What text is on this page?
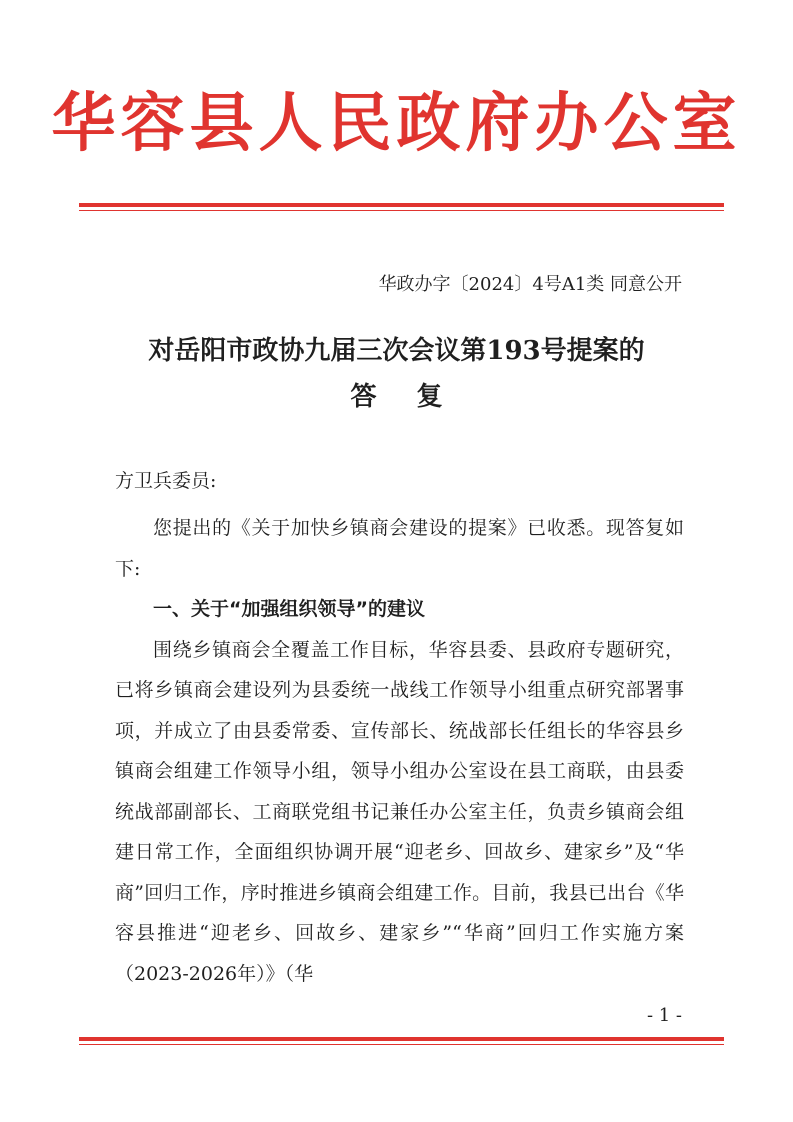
华容县人民政府办公室
华政办字〔2024〕4号A1类 同意公开
对岳阳市政协九届三次会议第193号提案的
答复
方卫兵委员:

您提出的《关于加快乡镇商会建设的提案》已收悉。现答复如下:

一、关于“加强组织领导”的建议

围绕乡镇商会全覆盖工作目标，华容县委、县政府专题研究，已将乡镇商会建设列为县委统一战线工作领导小组重点研究部署事项，并成立了由县委常委、宣传部长、统战部长任组长的华容县乡镇商会组建工作领导小组，领导小组办公室设在县工商联，由县委统战部副部长、工商联党组书记兼任办公室主任，负责乡镇商会组建日常工作，全面组织协调开展“迎老乡、回故乡、建家乡”及“华商”回归工作，序时推进乡镇商会组建工作。目前，我县已出台《华容县推进“迎老乡、回故乡、建家乡”“华商”回归工作实施方案（2023-2026年）》（华

- 1 -
